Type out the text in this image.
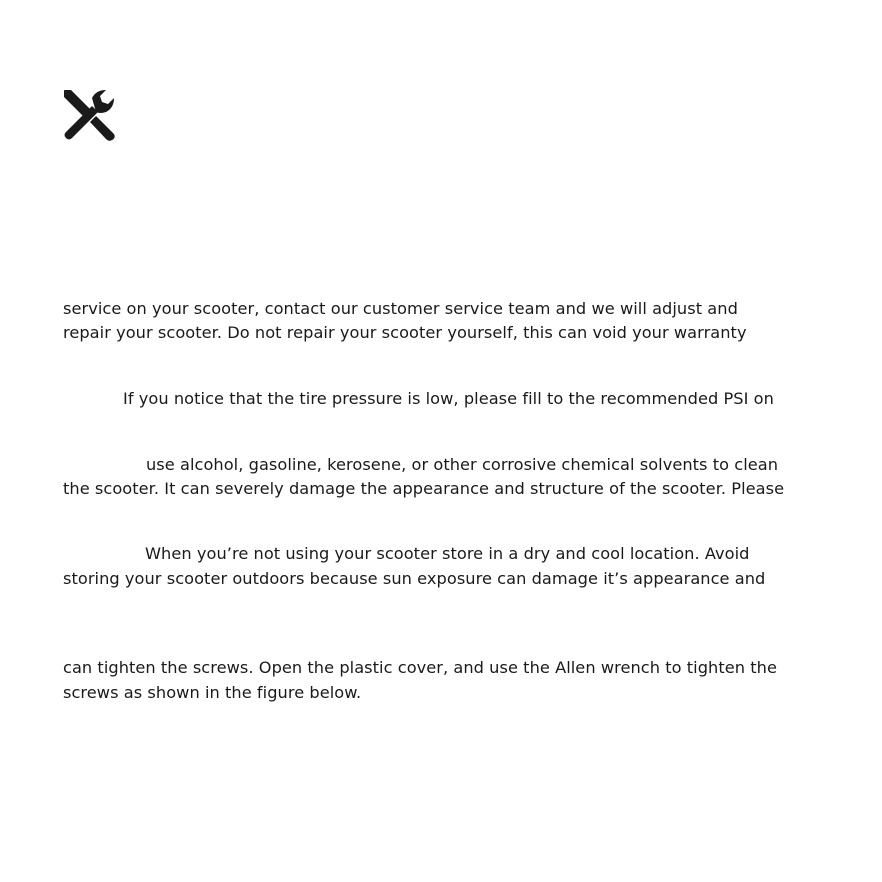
service on your scooter, contact our customer service team and we will adjust and

repair your scooter. Do not repair your scooter yourself, this can void your warranty

If you notice that the tire pressure is low, please fill to the recommended PSI on

use alcohol, gasoline, kerosene, or other corrosive chemical solvents to clean

the scooter. It can severely damage the appearance and structure of the scooter. Please

When you’re not using your scooter store in a dry and cool location. Avoid

storing your scooter outdoors because sun exposure can damage it’s appearance and

can tighten the screws. Open the plastic cover, and use the Allen wrench to tighten the

screws as shown in the figure below.
